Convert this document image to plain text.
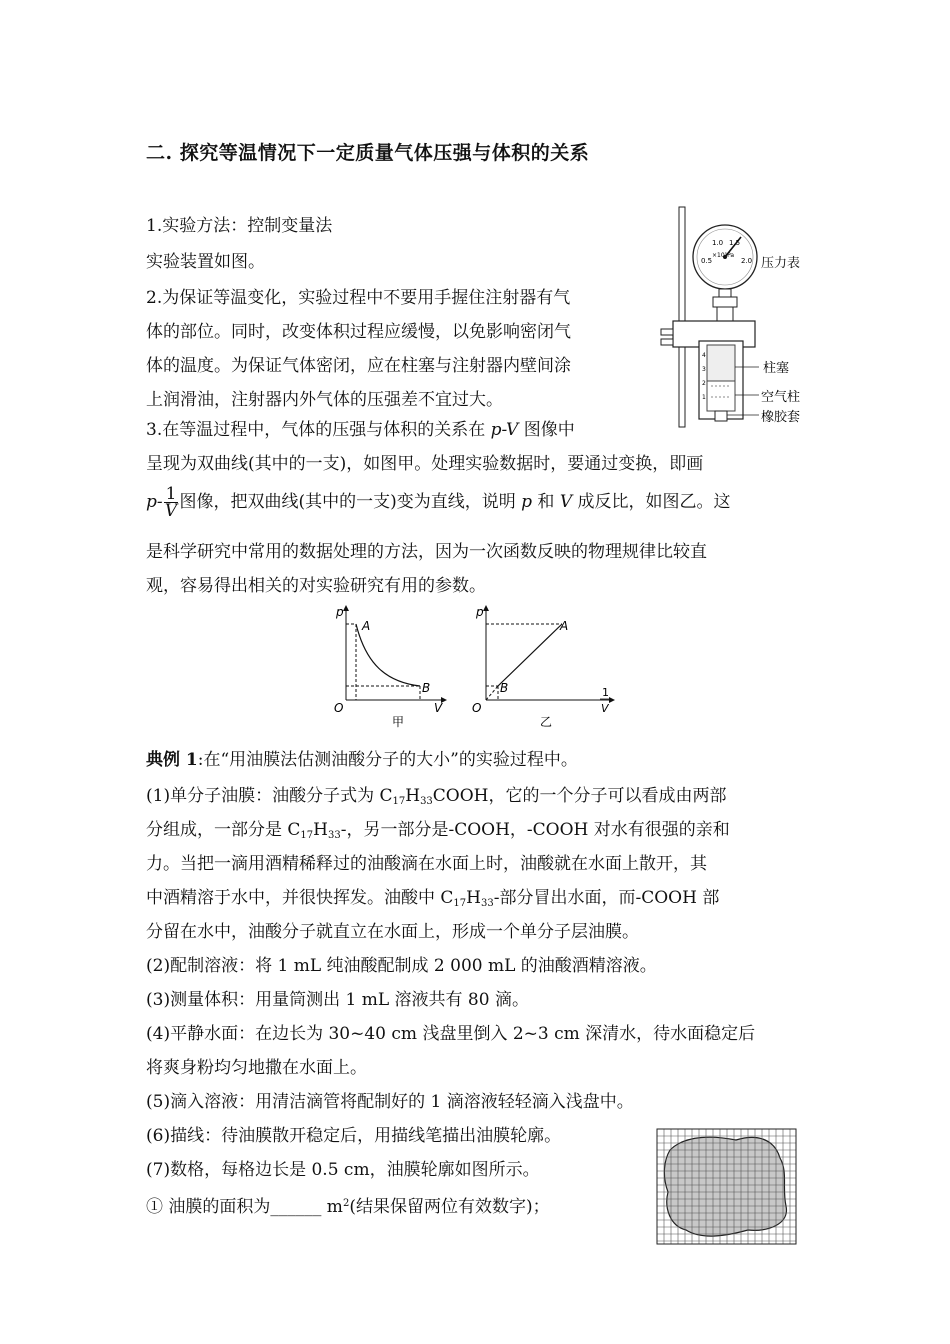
二. 探究等温情况下一定质量气体压强与体积的关系
1.实验方法：控制变量法
实验装置如图。
2.为保证等温变化，实验过程中不要用手握住注射器有气
体的部位。同时，改变体积过程应缓慢，以免影响密闭气
体的温度。为保证气体密闭，应在柱塞与注射器内壁间涂
上润滑油，注射器内外气体的压强差不宜过大。
3.在等温过程中，气体的压强与体积的关系在 p-V 图像中
呈现为双曲线(其中的一支)，如图甲。处理实验数据时，要通过变换，即画
$p- \frac{1}{V}$ 图像，把双曲线(其中的一支)变为直线，说明 p 和 V 成反比，如图乙。这
是科学研究中常用的数据处理的方法，因为一次函数反映的物理规律比较直
观，容易得出相关的对实验研究有用的参数。
1.0 1.5
0.5	2.0
×10⁵Pa
压力表
4
3
2
1
柱塞
空气柱
橡胶套
p
O	V
A
B
甲
p
O
1
V
A
B
乙
典例 1:在“用油膜法估测油酸分子的大小”的实验过程中。
(1)单分子油膜：油酸分子式为 $C_{17}H_{33}COOH$，它的一个分子可以看成由两部
分组成，一部分是 $C_{17}H_{33}-$，另一部分是-COOH，-COOH 对水有很强的亲和
力。当把一滴用酒精稀释过的油酸滴在水面上时，油酸就在水面上散开，其
中酒精溶于水中，并很快挥发。油酸中 $C_{17}H_{33}-$部分冒出水面，而-COOH 部
分留在水中，油酸分子就直立在水面上，形成一个单分子层油膜。
(2)配制溶液：将 1 mL 纯油酸配制成 2 000 mL 的油酸酒精溶液。
(3)测量体积：用量筒测出 1 mL 溶液共有 80 滴。
(4)平静水面：在边长为 30~40 cm 浅盘里倒入 2~3 cm 深清水，待水面稳定后
将爽身粉均匀地撒在水面上。
(5)滴入溶液：用清洁滴管将配制好的 1 滴溶液轻轻滴入浅盘中。
(6)描线：待油膜散开稳定后，用描线笔描出油膜轮廓。
(7)数格，每格边长是 0.5 cm，油膜轮廓如图所示。
① 油膜的面积为______ $m^2$(结果保留两位有效数字)；
